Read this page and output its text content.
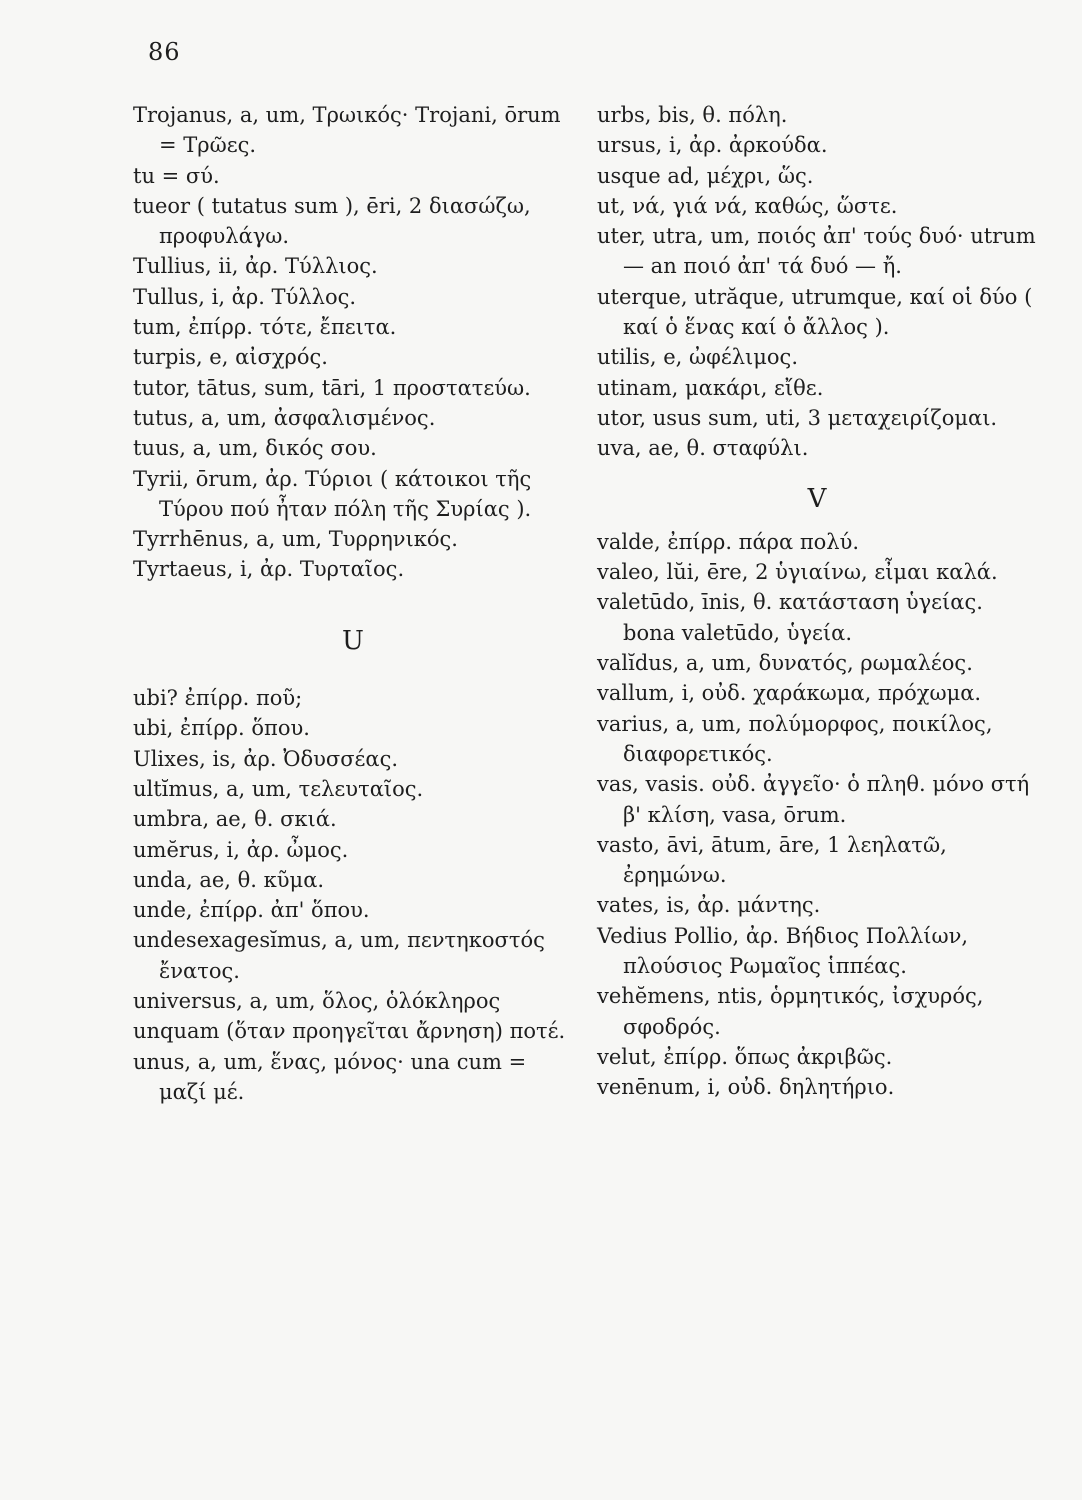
86

Trojanus, a, um, Τρωικός· Trojani, ōrum = Τρῶες.

tu = σύ.

tueor ( tutatus sum ), ēri, 2 διασώζω, προφυλάγω.

Tullius, ii, ἀρ. Τύλλιος.

Tullus, i, ἀρ. Τύλλος.

tum, ἐπίρρ. τότε, ἔπειτα.

turpis, e, αἰσχρός.

tutor, tātus, sum, tāri, 1 προστατεύω.

tutus, a, um, ἀσφαλισμένος.

tuus, a, um, δικός σου.

Tyrii, ōrum, ἀρ. Τύριοι ( κάτοικοι τῆς Τύρου πού ἦταν πόλη τῆς Συρίας ).

Tyrrhēnus, a, um, Τυρρηνικός.

Tyrtaeus, i, ἀρ. Τυρταῖος.

U

ubi? ἐπίρρ. ποῦ;

ubi, ἐπίρρ. ὅπου.

Ulixes, is, ἀρ. Ὀδυσσέας.

ultĭmus, a, um, τελευταῖος.

umbra, ae, θ. σκιά.

umĕrus, i, ἀρ. ὦμος.

unda, ae, θ. κῦμα.

unde, ἐπίρρ. ἀπ' ὅπου.

undesexagesĭmus, a, um, πεντηκοστός ἔνατος.

universus, a, um, ὅλος, ὁλόκληρος

unquam (ὅταν προηγεῖται ἄρνηση) ποτέ.

unus, a, um, ἕνας, μόνος· una cum = μαζί μέ.

urbs, bis, θ. πόλη.

ursus, i, ἀρ. ἀρκούδα.

usque ad, μέχρι, ὥς.

ut, νά, γιά νά, καθώς, ὥστε.

uter, utra, um, ποιός ἀπ' τούς δυό· utrum — an ποιό ἀπ' τά δυό — ἤ.

uterque, utrăque, utrumque, καί οἱ δύο ( καί ὁ ἕνας καί ὁ ἄλλος ).

utilis, e, ὠφέλιμος.

utinam, μακάρι, εἴθε.

utor, usus sum, uti, 3 μεταχειρίζομαι.

uva, ae, θ. σταφύλι.

V

valde, ἐπίρρ. πάρα πολύ.

valeo, lŭi, ēre, 2 ὑγιαίνω, εἶμαι καλά.

valetūdo, īnis, θ. κατάσταση ὑγείας. bona valetūdo, ὑγεία.

valĭdus, a, um, δυνατός, ρωμαλέος.

vallum, i, οὐδ. χαράκωμα, πρόχωμα.

varius, a, um, πολύμορφος, ποικίλος, διαφορετικός.

vas, vasis. οὐδ. ἀγγεῖο· ὁ πληθ. μόνο στή β' κλίση, vasa, ōrum.

vasto, āvi, ātum, āre, 1 λεηλατῶ, ἐρημώνω.

vates, is, ἀρ. μάντης.

Vedius Pollio, ἀρ. Βήδιος Πολλίων, πλούσιος Ρωμαῖος ἱππέας.

vehĕmens, ntis, ὁρμητικός, ἰσχυρός, σφοδρός.

velut, ἐπίρρ. ὅπως ἀκριβῶς.

venēnum, i, οὐδ. δηλητήριο.
